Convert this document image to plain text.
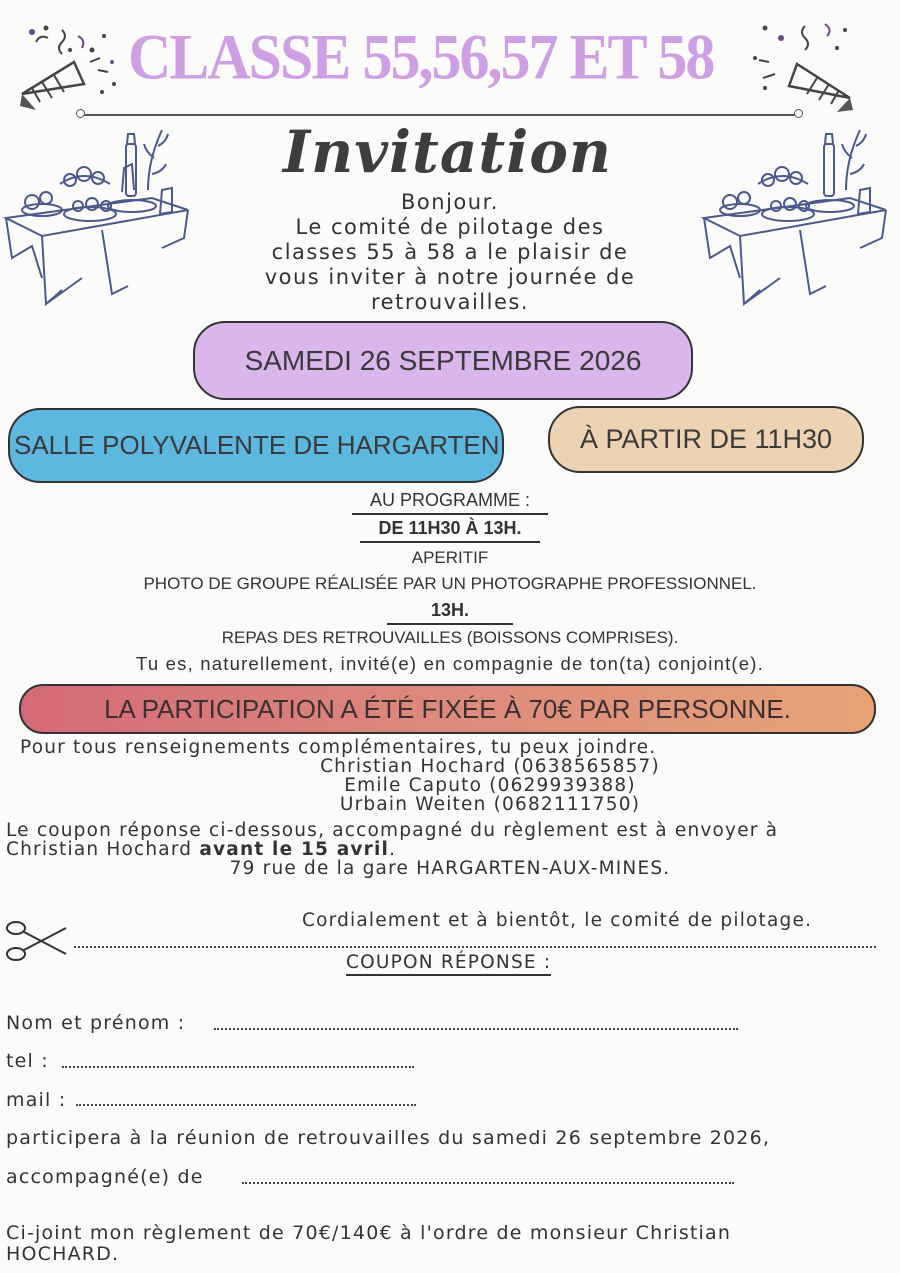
CLASSE 55,56,57 ET 58
Invitation
Bonjour.
Le comité de pilotage des
classes 55 à 58 a le plaisir de
vous inviter à notre journée de
retrouvailles.
SAMEDI 26 SEPTEMBRE 2026
SALLE POLYVALENTE DE HARGARTEN	À PARTIR DE 11H30
AU PROGRAMME :
DE 11H30 À 13H.
APERITIF
PHOTO DE GROUPE RÉALISÉE PAR UN PHOTOGRAPHE PROFESSIONNEL.
13H.
REPAS DES RETROUVAILLES (BOISSONS COMPRISES).
Tu es, naturellement, invité(e) en compagnie de ton(ta) conjoint(e).
LA PARTICIPATION A ÉTÉ FIXÉE À 70€ PAR PERSONNE.
Pour tous renseignements complémentaires, tu peux joindre.
Christian Hochard (0638565857)
Emile Caputo (0629939388)
Urbain Weiten (0682111750)
Le coupon réponse ci-dessous, accompagné du règlement est à envoyer à
Christian Hochard avant le 15 avril.
79 rue de la gare HARGARTEN-AUX-MINES.
Cordialement et à bientôt, le comité de pilotage.
COUPON RÉPONSE :
Nom et prénom :
tel :
mail :
participera à la réunion de retrouvailles du samedi 26 septembre 2026,
accompagné(e) de
Ci-joint mon règlement de 70€/140€ à l'ordre de monsieur Christian
HOCHARD.
